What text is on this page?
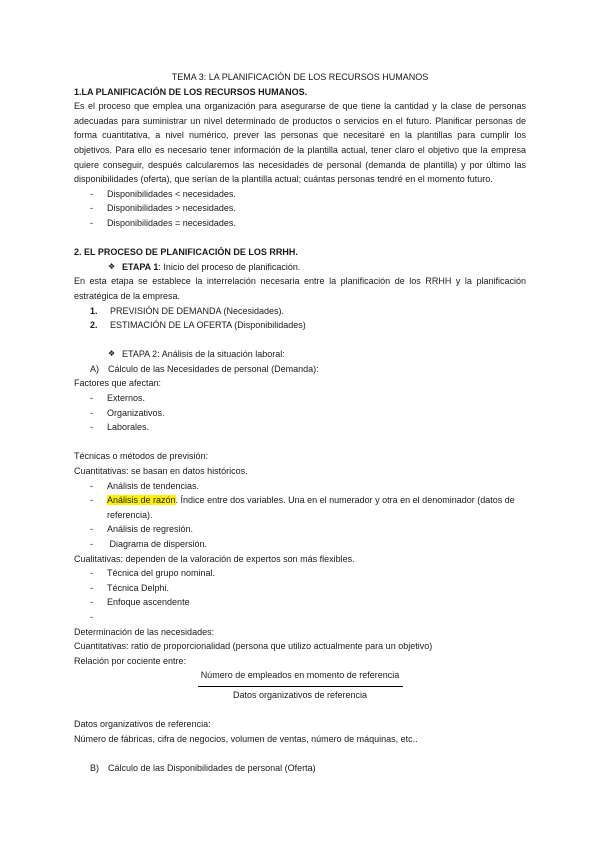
TEMA 3: LA PLANIFICACIÓN DE LOS RECURSOS HUMANOS

1.LA PLANIFICACIÓN DE LOS RECURSOS HUMANOS.

Es el proceso que emplea una organización para asegurarse de que tiene la cantidad y la clase de personas adecuadas para suministrar un nivel determinado de productos o servicios en el futuro. Planificar personas de forma cuantitativa, a nivel numérico, prever las personas que necesitaré en la plantillas para cumplir los objetivos. Para ello es necesario tener información de la plantilla actual, tener claro el objetivo que la empresa quiere conseguir, después calcularemos las necesidades de personal (demanda de plantilla) y por último las disponibilidades (oferta), que serían de la plantilla actual; cuántas personas tendré en el momento futuro.

-	Disponibilidades < necesidades.
-	Disponibilidades > necesidades.
-	Disponibilidades = necesidades.

2. EL PROCESO DE PLANIFICACIÓN DE LOS RRHH.

❖ ETAPA 1: Inicio del proceso de planificación.

En esta etapa se establece la interrelación necesaria entre la planificación de los RRHH y la planificación estratégica de la empresa.

1.	PREVISIÓN DE DEMANDA (Necesidades).
2.	ESTIMACIÓN DE LA OFERTA (Disponibilidades)
❖ ETAPA 2: Análisis de la situación laboral:
A)	Cálculo de las Necesidades de personal (Demanda):

Factores que afectan:

-	Externos.
-	Organizativos.
-	Laborales.

Técnicas o métodos de previsión:

Cuantitativas: se basan en datos históricos.

-	Análisis de tendencias.
-	Análisis de razón. Índice entre dos variables. Una en el numerador y otra en el denominador (datos de referencia).
-	Análisis de regresión.
-	Diagrama de dispersión.

Cualitativas: dependen de la valoración de expertos son más flexibles.

-	Técnica del grupo nominal.
-	Técnica Delphi.
-	Enfoque ascendente
-

Determinación de las necesidades:

Cuantitativas: ratio de proporcionalidad (persona que utilizo actualmente para un objetivo)

Relación por cociente entre:

Número de empleados en momento de referencia
Datos organizativos de referencia

Datos organizativos de referencia:

Número de fábricas, cifra de negocios, volumen de ventas, número de máquinas, etc..

B)	Cálculo de las Disponibilidades de personal (Oferta)
